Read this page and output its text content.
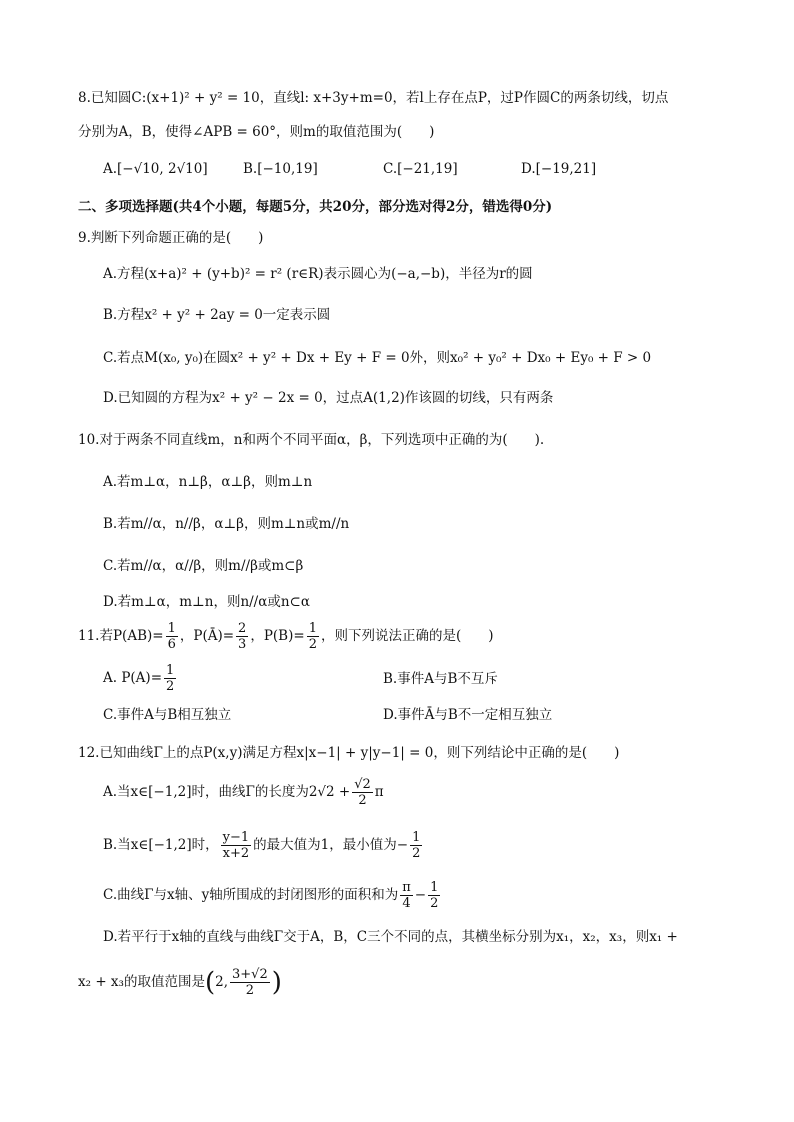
8.已知圆C:(x+1)² + y² = 10，直线l: x+3y+m=0，若l上存在点P，过P作圆C的两条切线，切点
分别为A，B，使得∠APB = 60°，则m的取值范围为(　　)
A.[−√10, 2√10]	B.[−10,19]	C.[−21,19]	D.[−19,21]
二、多项选择题(共4个小题，每题5分，共20分，部分选对得2分，错选得0分)
9.判断下列命题正确的是(　　)
A.方程(x+a)² + (y+b)² = r² (r∈R)表示圆心为(−a,−b)，半径为r的圆
B.方程x² + y² + 2ay = 0一定表示圆
C.若点M(x₀, y₀)在圆x² + y² + Dx + Ey + F = 0外，则x₀² + y₀² + Dx₀ + Ey₀ + F > 0
D.已知圆的方程为x² + y² − 2x = 0，过点A(1,2)作该圆的切线，只有两条
10.对于两条不同直线m，n和两个不同平面α，β，下列选项中正确的为(　　).
A.若m⊥α，n⊥β，α⊥β，则m⊥n
B.若m//α，n//β，α⊥β，则m⊥n或m//n
C.若m//α，α//β，则m//β或m⊂β
D.若m⊥α，m⊥n，则n//α或n⊂α
11.若$P(AB)= \frac{1}{6}$ ，P(Ā)= $\frac{2}{3}$ ，$P(B)= \frac{1}{2}$ ，则下列说法正确的是(　　)
A. $P(A)= \frac{1}{2}$	B.事件A与B不互斥
C.事件A与B相互独立	D.事件Ā与B不一定相互独立
12.已知曲线Γ上的点P(x,y)满足方程x|x−1| + y|y−1| = 0，则下列结论中正确的是(　　)
A.当x∈[−1,2]时，曲线Γ的长度为$2√2 + \frac{√2}{2}$ π
B.当x∈[−1,2]时， $\frac{y-1}{x+2}$ 的最大值为1，最小值为− $\frac{1}{2}$
C.曲线Γ与x轴、y轴所围成的封闭图形的面积和为 $\frac{\pi}{4} - \frac{1}{2}$
D.若平行于x轴的直线与曲线Γ交于A，B，C三个不同的点，其横坐标分别为x₁，x₂，x₃，则x₁ +
x₂ + x₃的取值范围是(2, $\frac{3+√2}{2}$ )
